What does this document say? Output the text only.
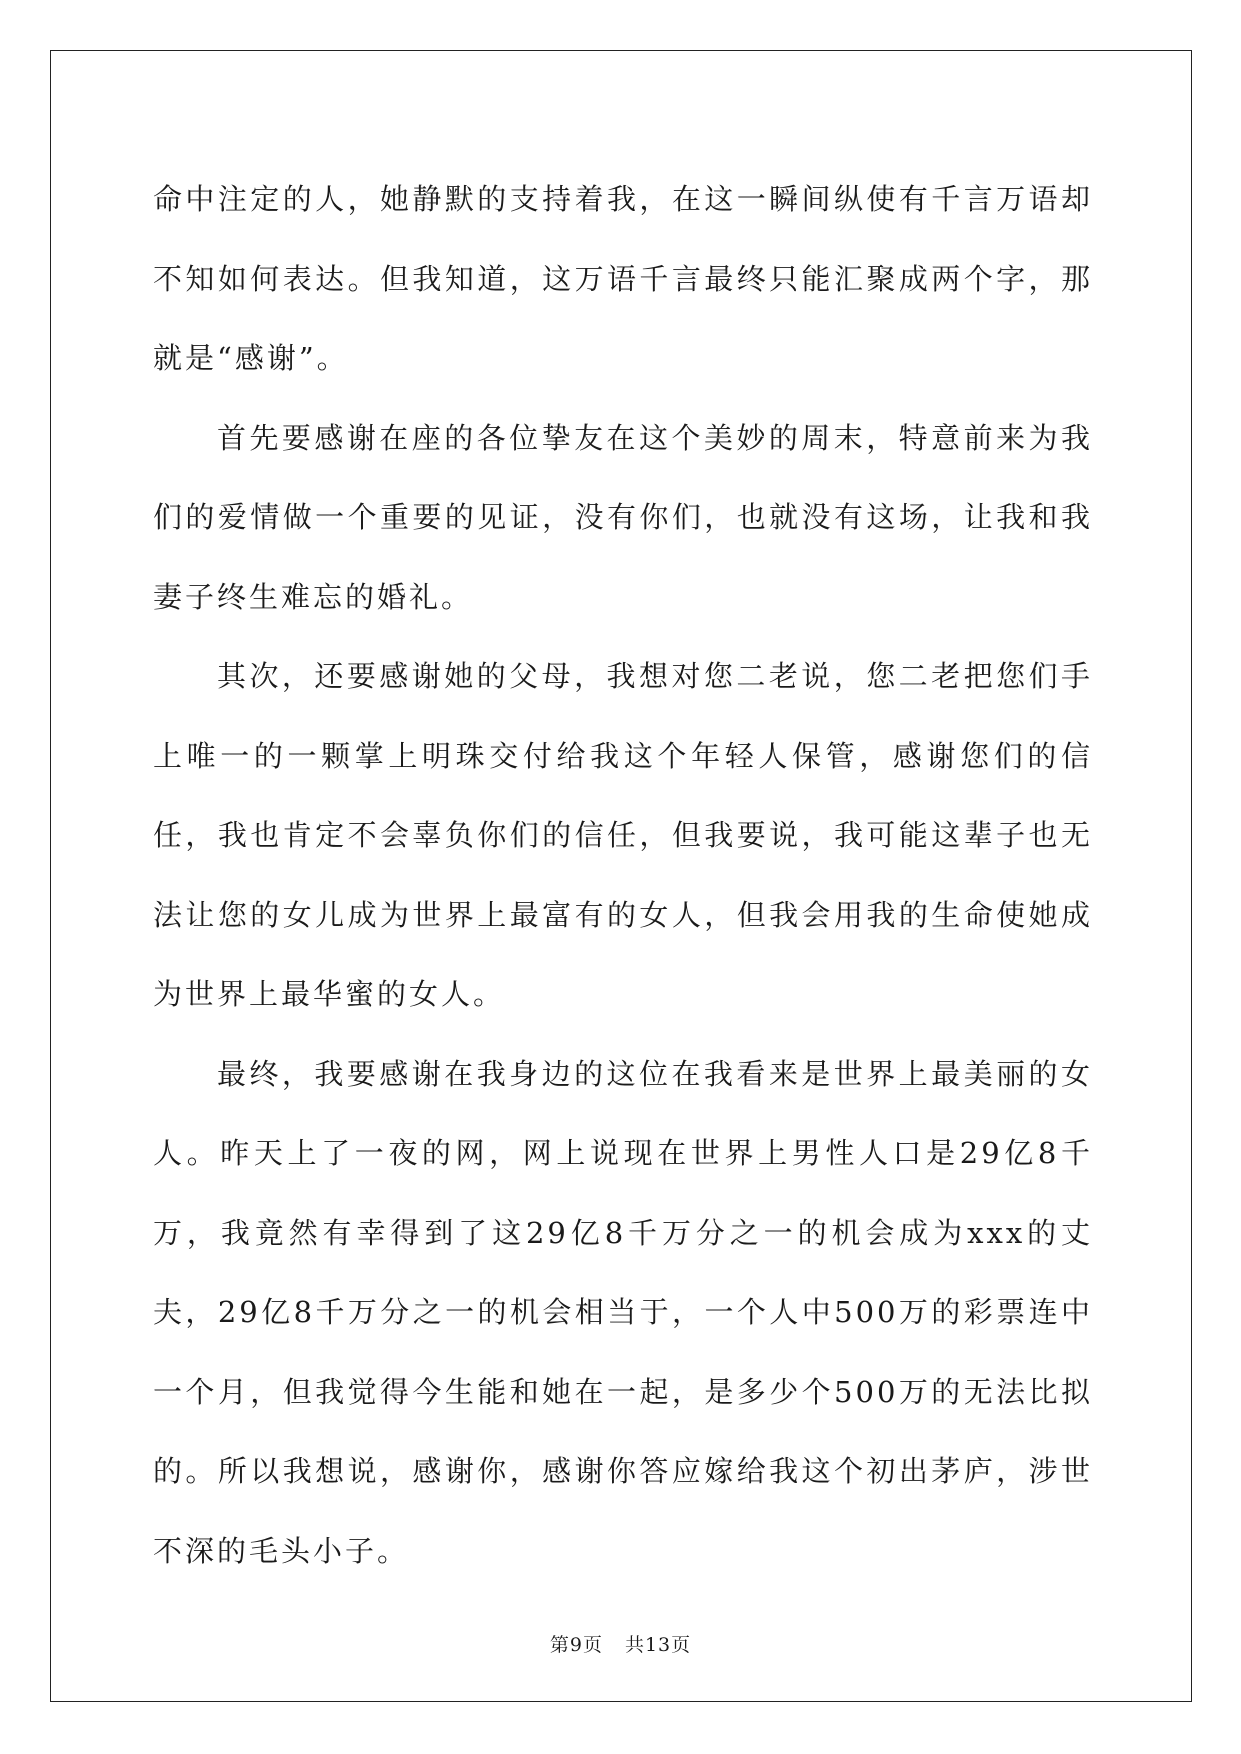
命中注定的人，她静默的支持着我，在这一瞬间纵使有千言万语却不知如何表达。但我知道，这万语千言最终只能汇聚成两个字，那就是“感谢”。

首先要感谢在座的各位挚友在这个美妙的周末，特意前来为我们的爱情做一个重要的见证，没有你们，也就没有这场，让我和我妻子终生难忘的婚礼。

其次，还要感谢她的父母，我想对您二老说，您二老把您们手上唯一的一颗掌上明珠交付给我这个年轻人保管，感谢您们的信任，我也肯定不会辜负你们的信任，但我要说，我可能这辈子也无法让您的女儿成为世界上最富有的女人，但我会用我的生命使她成为世界上最华蜜的女人。

最终，我要感谢在我身边的这位在我看来是世界上最美丽的女人。昨天上了一夜的网，网上说现在世界上男性人口是29亿8千万，我竟然有幸得到了这29亿8千万分之一的机会成为xxx的丈夫，29亿8千万分之一的机会相当于，一个人中500万的彩票连中一个月，但我觉得今生能和她在一起，是多少个500万的无法比拟的。所以我想说，感谢你，感谢你答应嫁给我这个初出茅庐，涉世不深的毛头小子。

第9页 共13页
